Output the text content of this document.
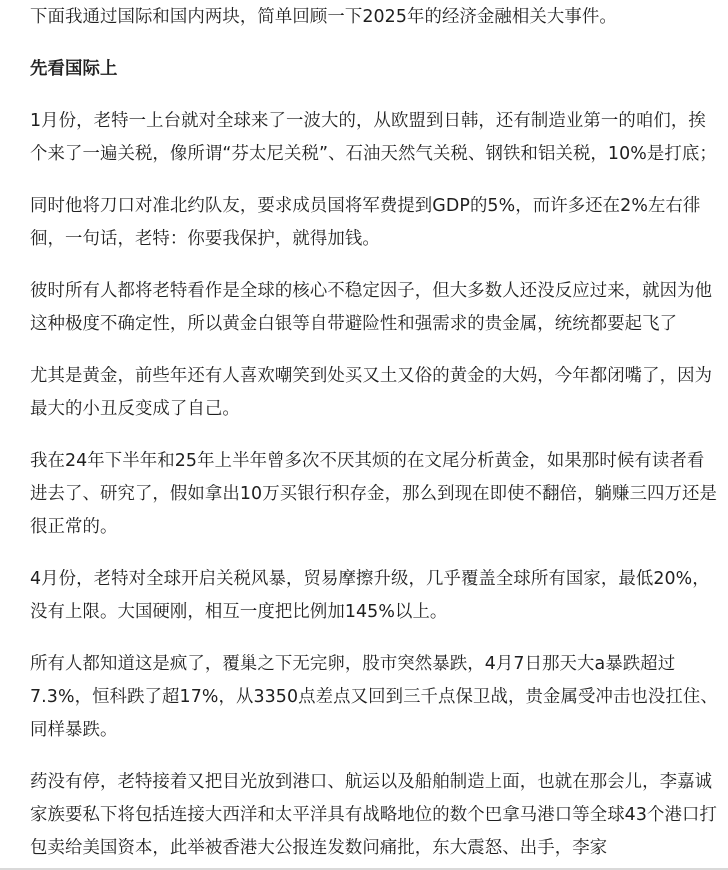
下面我通过国际和国内两块，简单回顾一下2025年的经济金融相关大事件。

先看国际上

1月份，老特一上台就对全球来了一波大的，从欧盟到日韩，还有制造业第一的咱们，挨个来了一遍关税，像所谓“芬太尼关税”、石油天然气关税、钢铁和铝关税，10%是打底；

同时他将刀口对准北约队友，要求成员国将军费提到GDP的5%，而许多还在2%左右徘徊，一句话，老特：你要我保护，就得加钱。

彼时所有人都将老特看作是全球的核心不稳定因子，但大多数人还没反应过来，就因为他这种极度不确定性，所以黄金白银等自带避险性和强需求的贵金属，统统都要起飞了

尤其是黄金，前些年还有人喜欢嘲笑到处买又土又俗的黄金的大妈，今年都闭嘴了，因为最大的小丑反变成了自己。

我在24年下半年和25年上半年曾多次不厌其烦的在文尾分析黄金，如果那时候有读者看进去了、研究了，假如拿出10万买银行积存金，那么到现在即使不翻倍，躺赚三四万还是很正常的。

4月份，老特对全球开启关税风暴，贸易摩擦升级，几乎覆盖全球所有国家，最低20%，没有上限。大国硬刚，相互一度把比例加145%以上。

所有人都知道这是疯了，覆巢之下无完卵，股市突然暴跌，4月7日那天大a暴跌超过7.3%，恒科跌了超17%，从3350点差点又回到三千点保卫战，贵金属受冲击也没扛住、同样暴跌。

药没有停，老特接着又把目光放到港口、航运以及船舶制造上面，也就在那会儿，李嘉诚家族要私下将包括连接大西洋和太平洋具有战略地位的数个巴拿马港口等全球43个港口打包卖给美国资本，此举被香港大公报连发数问痛批，东大震怒、出手，李家
